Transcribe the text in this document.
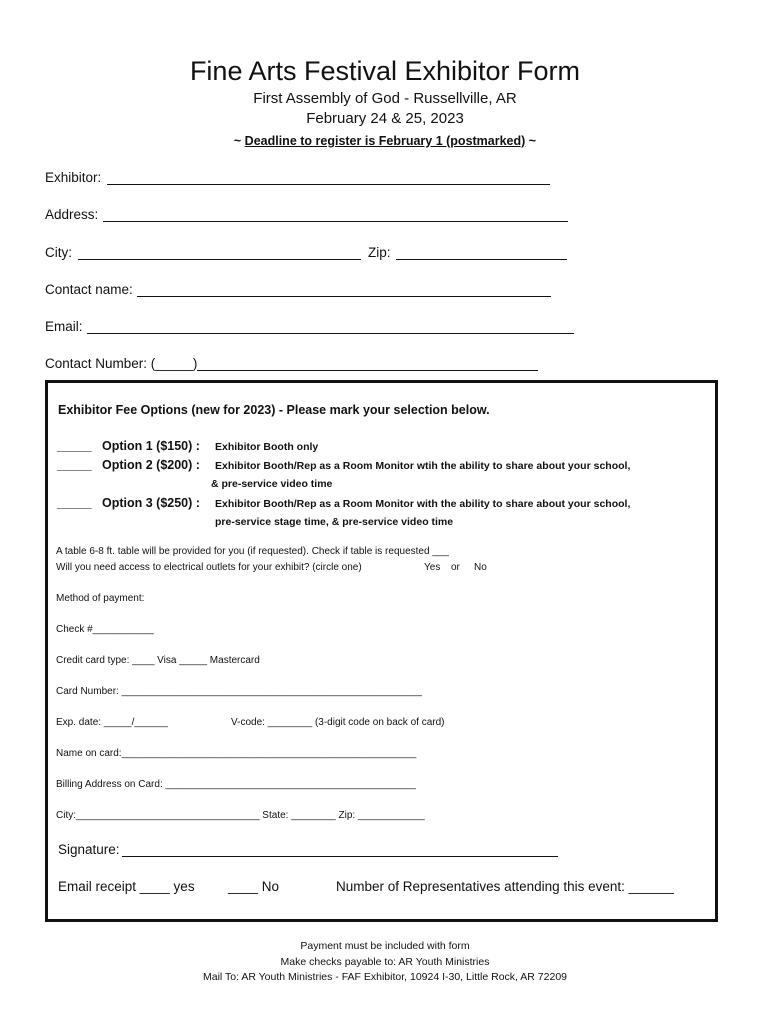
Fine Arts Festival Exhibitor Form
First Assembly of God - Russellville, AR
February 24 & 25, 2023
~ Deadline to register is February 1 (postmarked) ~
Exhibitor:
Address:
City:	Zip:
Contact name:
Email:
Contact Number: (_____)
Exhibitor Fee Options (new for 2023) - Please mark your selection below.
_____ Option 1 ($150) : Exhibitor Booth only
_____ Option 2 ($200) : Exhibitor Booth/Rep as a Room Monitor wtih the ability to share about your school,
& pre-service video time
_____ Option 3 ($250) : Exhibitor Booth/Rep as a Room Monitor with the ability to share about your school,
pre-service stage time, & pre-service video time
A table 6-8 ft. table will be provided for you (if requested). Check if table is requested ___
Will you need access to electrical outlets for your exhibit? (circle one)	Yes or No
Method of payment:
Check #___________
Credit card type: ____ Visa _____ Mastercard
Card Number: ______________________________________________________
Exp. date: _____/______	V-code: ________ (3-digit code on back of card)
Name on card:_____________________________________________________
Billing Address on Card: _____________________________________________
City:_________________________________ State: ________ Zip: ____________
Signature:
Email receipt ____ yes ____ No	Number of Representatives attending this event: ______
Payment must be included with form
Make checks payable to: AR Youth Ministries
Mail To: AR Youth Ministries - FAF Exhibitor, 10924 I-30, Little Rock, AR 72209
